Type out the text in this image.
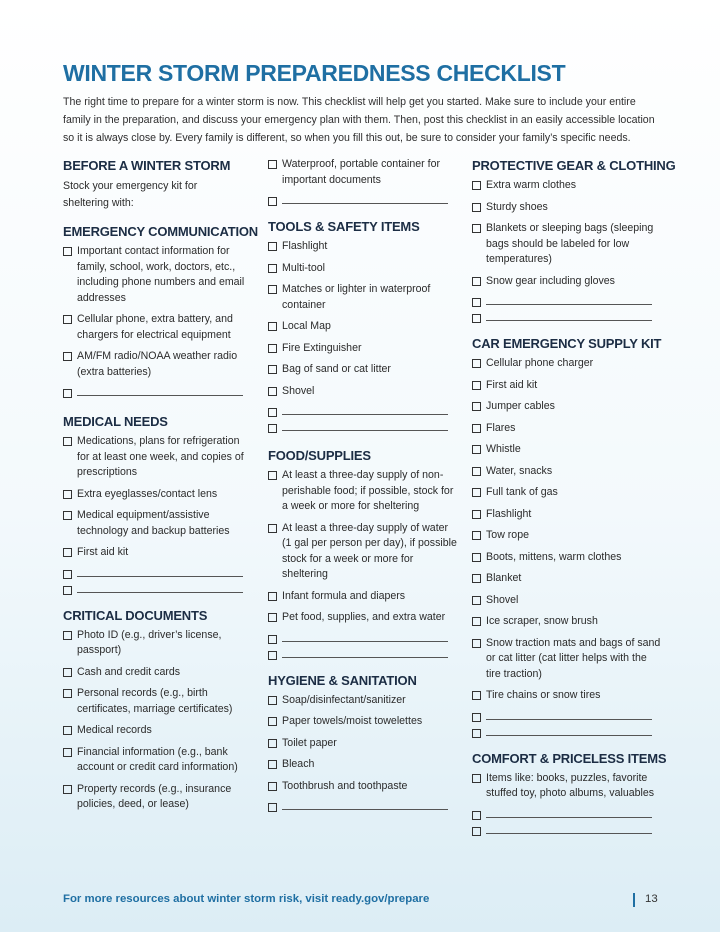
WINTER STORM PREPAREDNESS CHECKLIST

The right time to prepare for a winter storm is now. This checklist will help get you started. Make sure to include your entire family in the preparation, and discuss your emergency plan with them. Then, post this checklist in an easily accessible location so it is always close by. Every family is different, so when you fill this out, be sure to consider your family’s specific needs.

BEFORE A WINTER STORM
Stock your emergency kit for sheltering with:
EMERGENCY COMMUNICATION
Important contact information for family, school, work, doctors, etc., including phone numbers and email addresses
Cellular phone, extra battery, and chargers for electrical equipment
AM/FM radio/NOAA weather radio (extra batteries)
MEDICAL NEEDS
Medications, plans for refrigeration for at least one week, and copies of prescriptions
Extra eyeglasses/contact lens
Medical equipment/assistive technology and backup batteries
First aid kit
CRITICAL DOCUMENTS
Photo ID (e.g., driver’s license, passport)
Cash and credit cards
Personal records (e.g., birth certificates, marriage certificates)
Medical records
Financial information (e.g., bank account or credit card information)
Property records (e.g., insurance policies, deed, or lease)
Waterproof, portable container for important documents
TOOLS & SAFETY ITEMS
Flashlight
Multi-tool
Matches or lighter in waterproof container
Local Map
Fire Extinguisher
Bag of sand or cat litter
Shovel
FOOD/SUPPLIES
At least a three-day supply of non-perishable food; if possible, stock for a week or more for sheltering
At least a three-day supply of water (1 gal per person per day), if possible stock for a week or more for sheltering
Infant formula and diapers
Pet food, supplies, and extra water
HYGIENE & SANITATION
Soap/disinfectant/sanitizer
Paper towels/moist towelettes
Toilet paper
Bleach
Toothbrush and toothpaste
PROTECTIVE GEAR & CLOTHING
Extra warm clothes
Sturdy shoes
Blankets or sleeping bags (sleeping bags should be labeled for low temperatures)
Snow gear including gloves
CAR EMERGENCY SUPPLY KIT
Cellular phone charger
First aid kit
Jumper cables
Flares
Whistle
Water, snacks
Full tank of gas
Flashlight
Tow rope
Boots, mittens, warm clothes
Blanket
Shovel
Ice scraper, snow brush
Snow traction mats and bags of sand or cat litter (cat litter helps with the tire traction)
Tire chains or snow tires
COMFORT & PRICELESS ITEMS
Items like: books, puzzles, favorite stuffed toy, photo albums, valuables
For more resources about winter storm risk, visit ready.gov/prepare	13
